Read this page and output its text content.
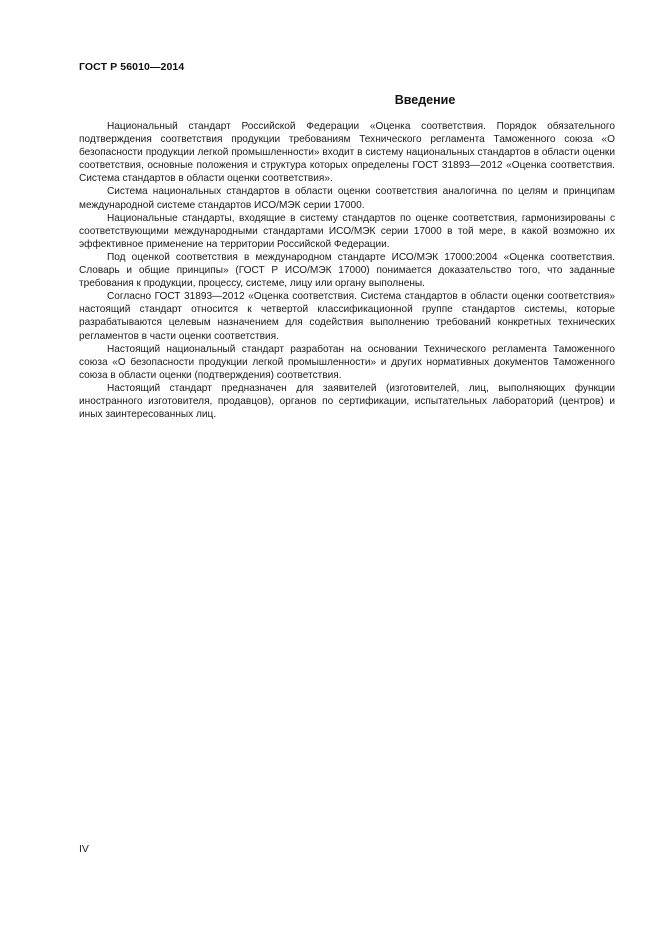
ГОСТ Р 56010—2014
Введение

Национальный стандарт Российской Федерации «Оценка соответствия. Порядок обязательного подтверждения соответствия продукции требованиям Технического регламента Таможенного союза «О безопасности продукции легкой промышленности» входит в систему национальных стандартов в области оценки соответствия, основные положения и структура которых определены ГОСТ 31893—2012 «Оценка соответствия. Система стандартов в области оценки соответствия».

Система национальных стандартов в области оценки соответствия аналогична по целям и принципам международной системе стандартов ИСО/МЭК серии 17000.

Национальные стандарты, входящие в систему стандартов по оценке соответствия, гармонизированы с соответствующими международными стандартами ИСО/МЭК серии 17000 в той мере, в какой возможно их эффективное применение на территории Российской Федерации.

Под оценкой соответствия в международном стандарте ИСО/МЭК 17000:2004 «Оценка соответствия. Словарь и общие принципы» (ГОСТ Р ИСО/МЭК 17000) понимается доказательство того, что заданные требования к продукции, процессу, системе, лицу или органу выполнены.

Согласно ГОСТ 31893—2012 «Оценка соответствия. Система стандартов в области оценки соответствия» настоящий стандарт относится к четвертой классификационной группе стандартов системы, которые разрабатываются целевым назначением для содействия выполнению требований конкретных технических регламентов в части оценки соответствия.

Настоящий национальный стандарт разработан на основании Технического регламента Таможенного союза «О безопасности продукции легкой промышленности» и других нормативных документов Таможенного союза в области оценки (подтверждения) соответствия.

Настоящий стандарт предназначен для заявителей (изготовителей, лиц, выполняющих функции иностранного изготовителя, продавцов), органов по сертификации, испытательных лабораторий (центров) и иных заинтересованных лиц.

IV
